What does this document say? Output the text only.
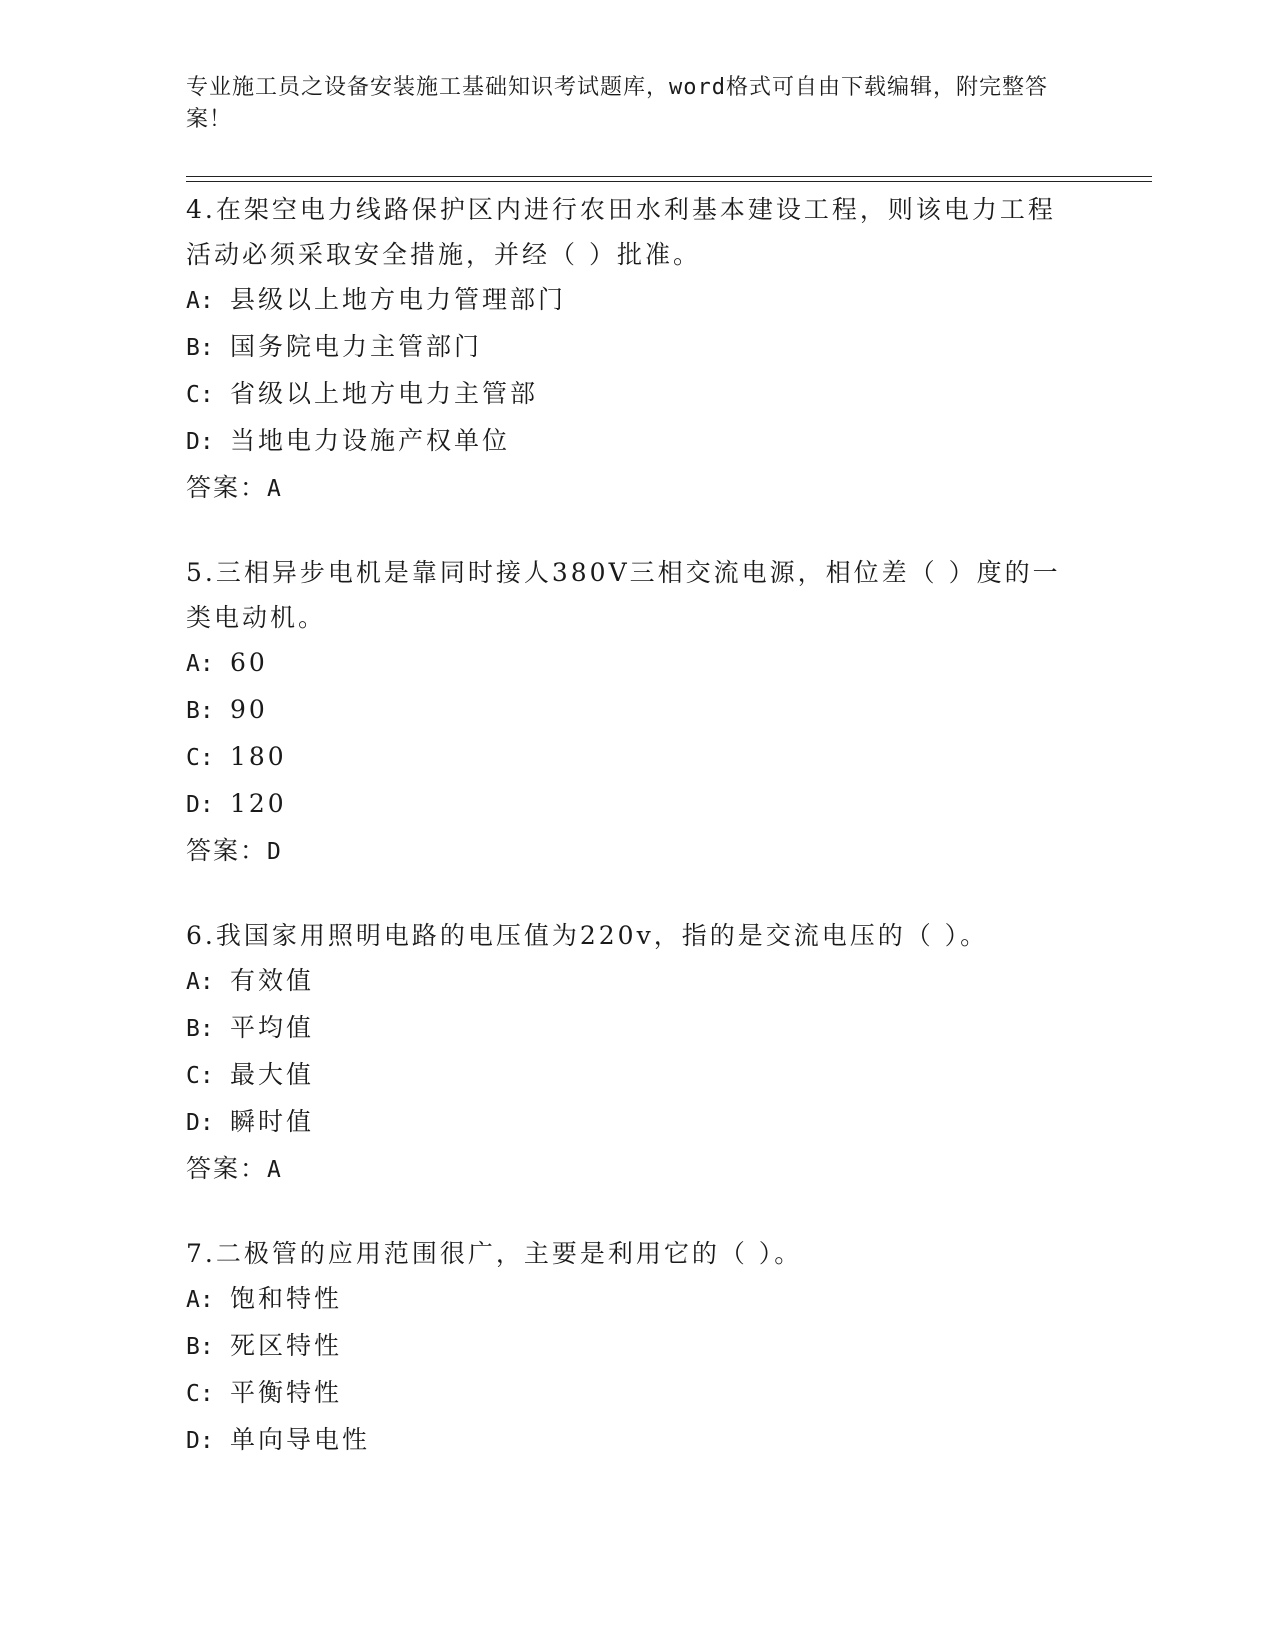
专业施工员之设备安装施工基础知识考试题库，word格式可自由下载编辑，附完整答案！

4.在架空电力线路保护区内进行农田水利基本建设工程，则该电力工程活动必须采取安全措施，并经（ ）批准。

A: 县级以上地方电力管理部门

B: 国务院电力主管部门

C: 省级以上地方电力主管部

D: 当地电力设施产权单位

答案：A

5.三相异步电机是靠同时接人380V三相交流电源，相位差（ ）度的一类电动机。

A: 60

B: 90

C: 180

D: 120

答案：D

6.我国家用照明电路的电压值为220v，指的是交流电压的（ ）。

A: 有效值

B: 平均值

C: 最大值

D: 瞬时值

答案：A

7.二极管的应用范围很广，主要是利用它的（ ）。

A: 饱和特性

B: 死区特性

C: 平衡特性

D: 单向导电性
